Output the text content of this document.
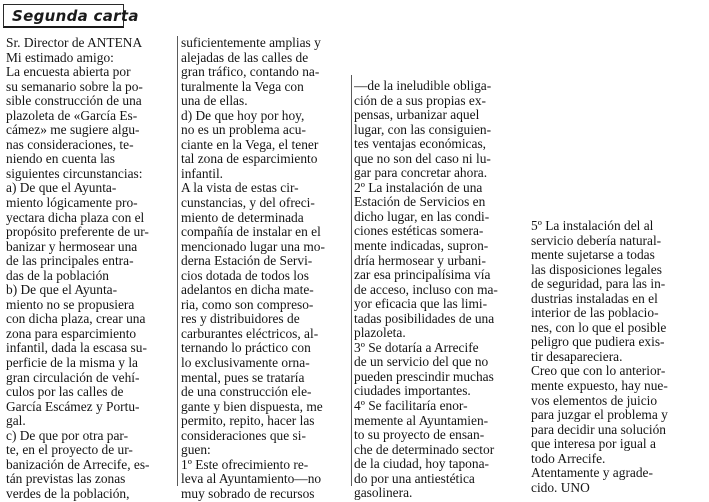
Segunda carta
Sr. Director de ANTENA
Mi estimado amigo:
La encuesta abierta por
su semanario sobre la po-
sible construcción de una
plazoleta de «García Es-
cámez» me sugiere algu-
nas consideraciones, te-
niendo en cuenta las
siguientes circunstancias:
a) De que el Ayunta-
miento lógicamente pro-
yectara dicha plaza con el
propósito preferente de ur-
banizar y hermosear una
de las principales entra-
das de la población
b) De que el Ayunta-
miento no se propusiera
con dicha plaza, crear una
zona para esparcimiento
infantil, dada la escasa su-
perficie de la misma y la
gran circulación de vehí-
culos por las calles de
García Escámez y Portu-
gal.
c) De que por otra par-
te, en el proyecto de ur-
banización de Arrecife, es-
tán previstas las zonas
verdes de la población,
suficientemente amplias y
alejadas de las calles de
gran tráfico, contando na-
turalmente la Vega con
una de ellas.
d) De que hoy por hoy,
no es un problema acu-
ciante en la Vega, el tener
tal zona de esparcimiento
infantil.
A la vista de estas cir-
cunstancias, y del ofreci-
miento de determinada
compañía de instalar en el
mencionado lugar una mo-
derna Estación de Servi-
cios dotada de todos los
adelantos en dicha mate-
ria, como son compreso-
res y distribuidores de
carburantes eléctricos, al-
ternando lo práctico con
lo exclusivamente orna-
mental, pues se trataría
de una construcción ele-
gante y bien dispuesta, me
permito, repito, hacer las
consideraciones que si-
guen:
1º Este ofrecimiento re-
leva al Ayuntamiento—no
muy sobrado de recursos
—de la ineludible obliga-
ción de a sus propias ex-
pensas, urbanizar aquel
lugar, con las consiguien-
tes ventajas económicas,
que no son del caso ni lu-
gar para concretar ahora.
2º La instalación de una
Estación de Servicios en
dicho lugar, en las condi-
ciones estéticas somera-
mente indicadas, supron-
dría hermosear y urbani-
zar esa principalísima vía
de acceso, incluso con ma-
yor eficacia que las limi-
tadas posibilidades de una
plazoleta.
3º Se dotaría a Arrecife
de un servicio del que no
pueden prescindir muchas
ciudades importantes.
4º Se facilitaría enor-
memente al Ayuntamien-
to su proyecto de ensan-
che de determinado sector
de la ciudad, hoy tapona-
do por una antiestética
gasolinera.
5º La instalación del al
servicio debería natural-
mente sujetarse a todas
las disposiciones legales
de seguridad, para las in-
dustrias instaladas en el
interior de las poblacio-
nes, con lo que el posible
peligro que pudiera exis-
tir desapareciera.
Creo que con lo anterior-
mente expuesto, hay nue-
vos elementos de juicio
para juzgar el problema y
para decidir una solución
que interesa por igual a
todo Arrecife.
Atentamente y agrade-
cido. UNO
